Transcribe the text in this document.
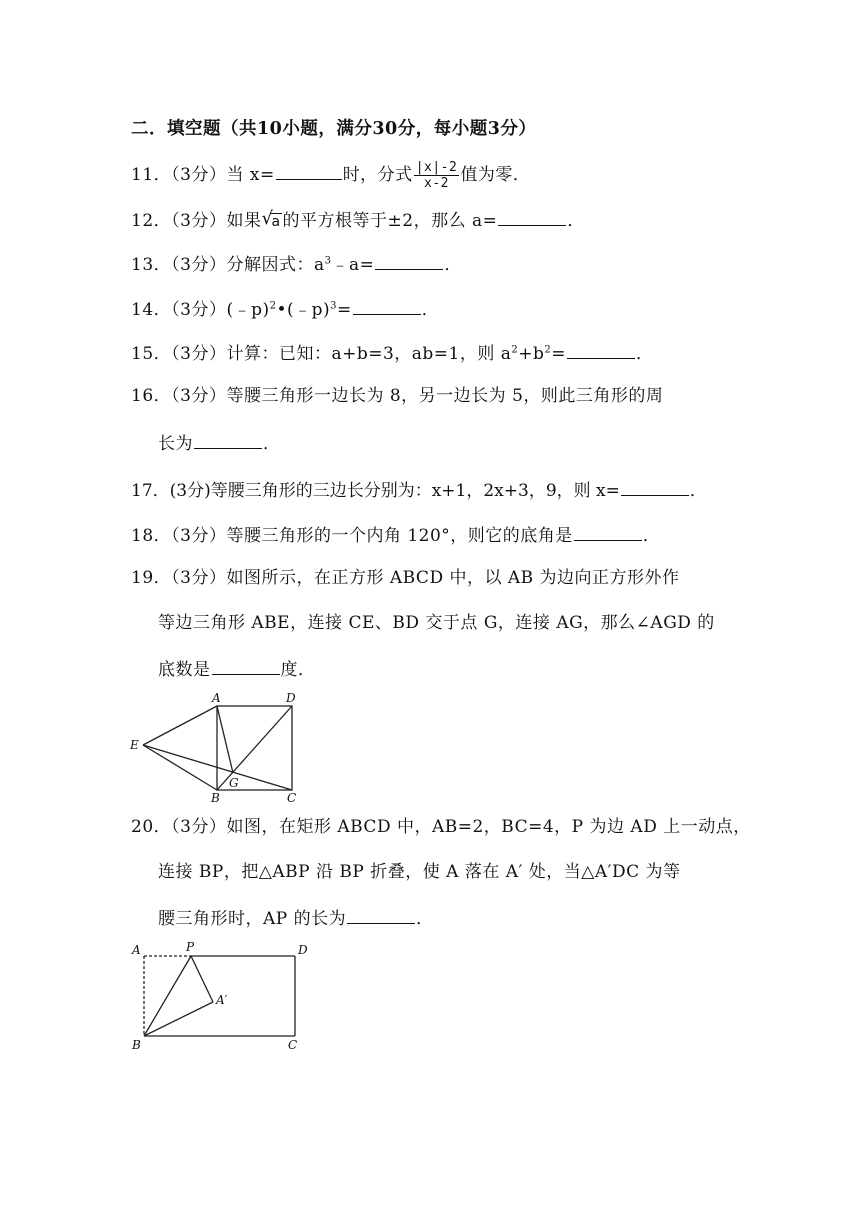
二．填空题（共10小题，满分30分，每小题3分）
11．（3分）当 x=	时，分式 $\frac{|x|-2}{x-2}$ 值为零．
12．（3分）如果 √
a 的平方根等于±2，那么 a=	．
13．（3分）分解因式：$a^3﹣a=$	．
14．（3分）(﹣p)$^2$•(﹣p)$^3$=	．
15．（3分）计算：已知：a+b=3，ab=1，则 $a^2+b^2=$	．
16．（3分）等腰三角形一边长为 8，另一边长为 5，则此三角形的周
长为	．
17．(3分)等腰三角形的三边长分别为：x+1，2x+3，9，则 x=	．
18．（3分）等腰三角形的一个内角 120°，则它的底角是	．
19．（3分）如图所示，在正方形 ABCD 中，以 AB 为边向正方形外作
等边三角形 ABE，连接 CE、BD 交于点 G，连接 AG，那么∠AGD 的
底数是	度．
A	D
E
G
B	C
20．（3分）如图，在矩形 ABCD 中，AB=2，BC=4，P 为边 AD 上一动点，
连接 BP，把△ABP 沿 BP 折叠，使 A 落在 A′ 处，当△A′DC 为等
腰三角形时，AP 的长为	．
A	P	D
A′
B	C
